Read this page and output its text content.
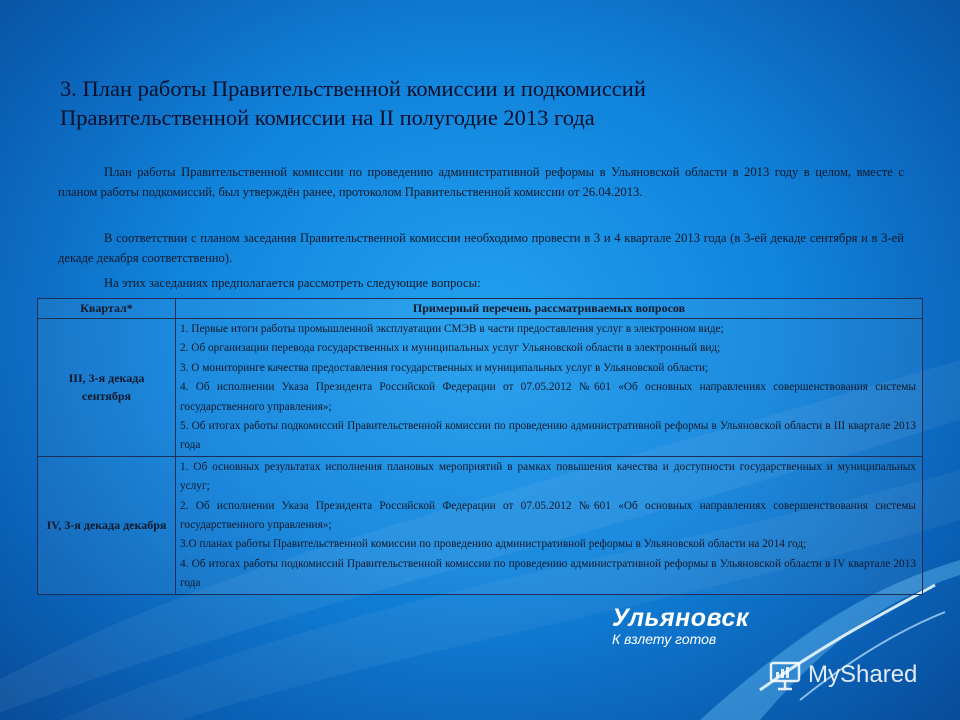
3. План работы Правительственной комиссии и подкомиссий
Правительственной комиссии на II полугодие 2013 года
План работы Правительственной комиссии по проведению административной реформы в Ульяновской области в 2013 году в целом, вместе с планом работы подкомиссий, был утверждён ранее, протоколом Правительственной комиссии от 26.04.2013.
В соответствии с планом заседания Правительственной комиссии необходимо провести в 3 и 4 квартале 2013 года (в 3-ей декаде сентября и в 3-ей декаде декабря соответственно).
На этих заседаниях предполагается рассмотреть следующие вопросы:
Квартал*	Примерный перечень рассматриваемых вопросов
III, 3-я декада сентября	1. Первые итоги работы промышленной эксплуатации СМЭВ в части предоставления услуг в электронном виде;
2. Об организации перевода государственных и муниципальных услуг Ульяновской области в электронный вид;
3. О мониторинге качества предоставления государственных и муниципальных услуг в Ульяновской области;
4. Об исполнении Указа Президента Российской Федерации от 07.05.2012 №601 «Об основных направлениях совершенствования системы государственного управления»;
5. Об итогах работы подкомиссий Правительственной комиссии по проведению административной реформы в Ульяновской области в III квартале 2013 года

IV, 3-я декада декабря	1. Об основных результатах исполнения плановых мероприятий в рамках повышения качества и доступности государственных и муниципальных услуг;
2. Об исполнении Указа Президента Российской Федерации от 07.05.2012 №601 «Об основных направлениях совершенствования системы государственного управления»;
3.О планах работы Правительственной комиссии по проведению административной реформы в Ульяновской области на 2014 год;
4. Об итогах работы подкомиссий Правительственной комиссии по проведению административной реформы в Ульяновской области в IV квартале 2013 года
Ульяновск
К взлету готов
MyShared
